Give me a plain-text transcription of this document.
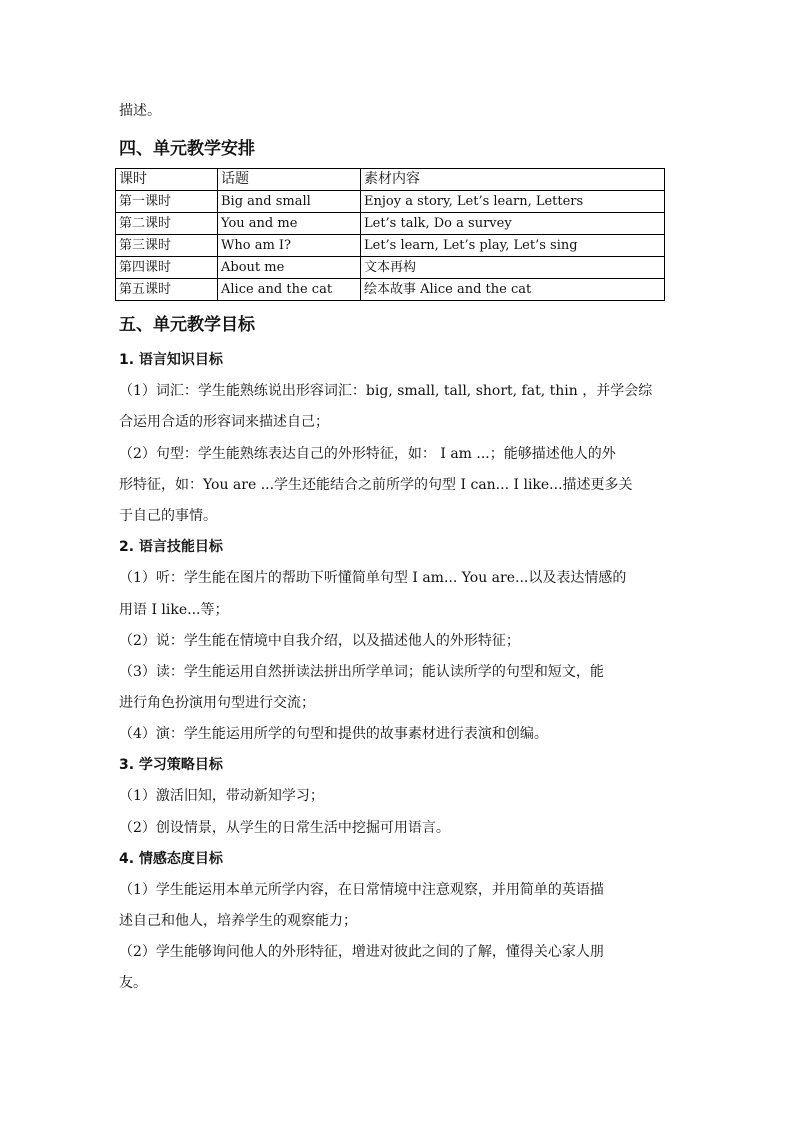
描述。
四、单元教学安排
课时	话题	素材内容
第一课时	Big and small	Enjoy a story, Let’s learn, Letters
第二课时	You and me	Let’s talk, Do a survey
第三课时	Who am I?	Let’s learn, Let’s play, Let’s sing
第四课时	About me	文本再构
第五课时	Alice and the cat	绘本故事 Alice and the cat
五、单元教学目标
1. 语言知识目标
（1）词汇：学生能熟练说出形容词汇：big, small, tall, short, fat, thin ，并学会综
合运用合适的形容词来描述自己；
（2）句型：学生能熟练表达自己的外形特征，如： I am ...；能够描述他人的外
形特征，如：You are ...学生还能结合之前所学的句型 I can... I like...描述更多关
于自己的事情。
2. 语言技能目标
（1）听：学生能在图片的帮助下听懂简单句型 I am... You are...以及表达情感的
用语 I like...等；
（2）说：学生能在情境中自我介绍，以及描述他人的外形特征；
（3）读：学生能运用自然拼读法拼出所学单词；能认读所学的句型和短文，能
进行角色扮演用句型进行交流；
（4）演：学生能运用所学的句型和提供的故事素材进行表演和创编。
3. 学习策略目标
（1）激活旧知，带动新知学习；
（2）创设情景，从学生的日常生活中挖掘可用语言。
4. 情感态度目标
（1）学生能运用本单元所学内容，在日常情境中注意观察，并用简单的英语描
述自己和他人，培养学生的观察能力；
（2）学生能够询问他人的外形特征，增进对彼此之间的了解，懂得关心家人朋
友。
